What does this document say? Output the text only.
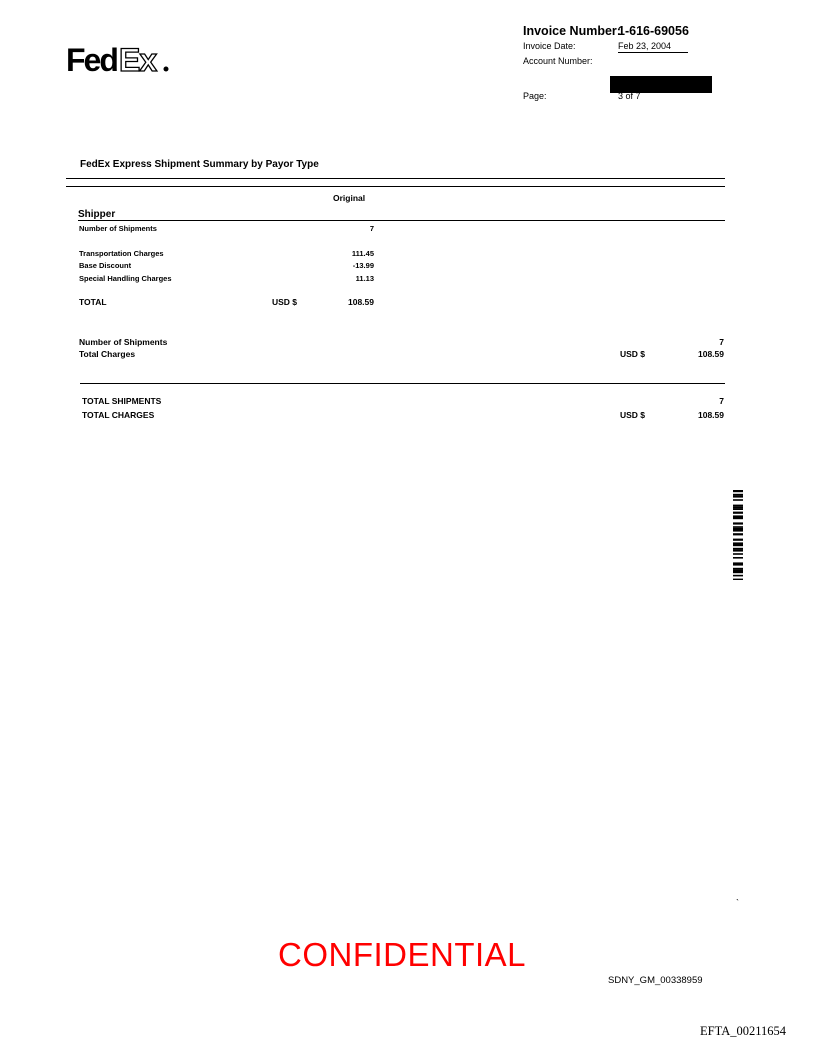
Fed Ex
Invoice Number:
1-616-69056
Invoice Date:	Feb 23, 2004
Account Number:
Page:	3 of 7
FedEx Express Shipment Summary by Payor Type
Original
Shipper
Number of Shipments	7
Transportation Charges	111.45
Base Discount	-13.99
Special Handling Charges	11.13
TOTAL	USD $	108.59
Number of Shipments	7
Total Charges	USD $	108.59
TOTAL SHIPMENTS	7
TOTAL CHARGES	USD $	108.59
`
CONFIDENTIAL
SDNY_GM_00338959
EFTA_00211654
